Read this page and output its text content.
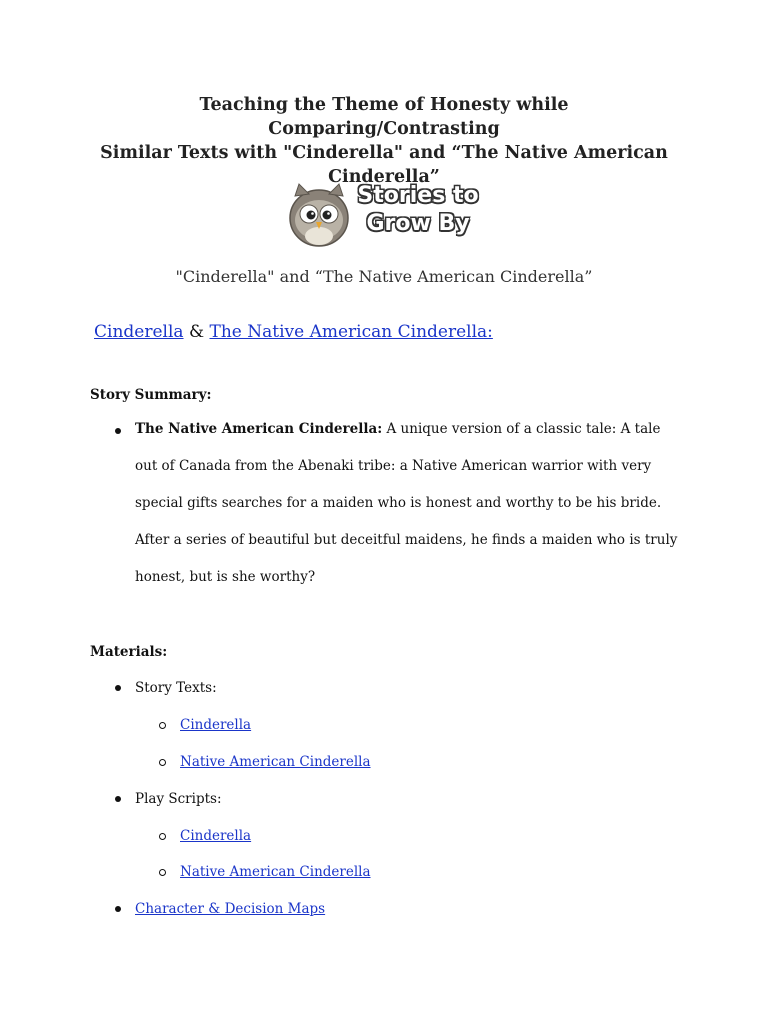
Teaching the Theme of Honesty while Comparing/Contrasting
Similar Texts with "Cinderella" and “The Native American
Cinderella”
Stories to
Grow By
"Cinderella" and “The Native American Cinderella”
Cinderella & The Native American Cinderella:
Story Summary:
The Native American Cinderella: A unique version of a classic tale: A tale out of Canada from the Abenaki tribe: a Native American warrior with very special gifts searches for a maiden who is honest and worthy to be his bride. After a series of beautiful but deceitful maidens, he finds a maiden who is truly honest, but is she worthy?
Materials:
Story Texts:
Cinderella
Native American Cinderella
Play Scripts:
Cinderella
Native American Cinderella
Character & Decision Maps
